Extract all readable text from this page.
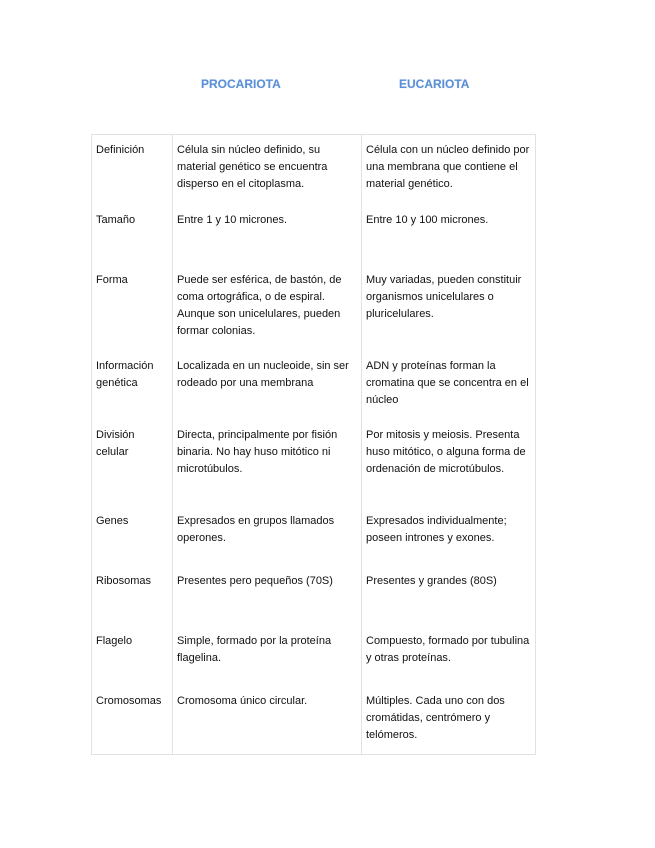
PROCARIOTA	EUCARIOTA
Definición	Célula sin núcleo definido, su material genético se encuentra disperso en el citoplasma.	Célula con un núcleo definido por una membrana que contiene el material genético.
Tamaño	Entre 1 y 10 micrones.	Entre 10 y 100 micrones.
Forma	Puede ser esférica, de bastón, de coma ortográfica, o de espiral. Aunque son unicelulares, pueden formar colonias.	Muy variadas, pueden constituir organismos unicelulares o pluricelulares.
Información genética	Localizada en un nucleoide, sin ser rodeado por una membrana	ADN y proteínas forman la cromatina que se concentra en el núcleo
División celular	Directa, principalmente por fisión binaria. No hay huso mitótico ni microtúbulos.	Por mitosis y meiosis. Presenta huso mitótico, o alguna forma de ordenación de microtúbulos.
Genes	Expresados en grupos llamados operones.	Expresados individualmente; poseen intrones y exones.
Ribosomas	Presentes pero pequeños (70S)	Presentes y grandes (80S)
Flagelo	Simple, formado por la proteína flagelina.	Compuesto, formado por tubulina y otras proteínas.
Cromosomas	Cromosoma único circular.	Múltiples. Cada uno con dos cromátidas, centrómero y telómeros.
